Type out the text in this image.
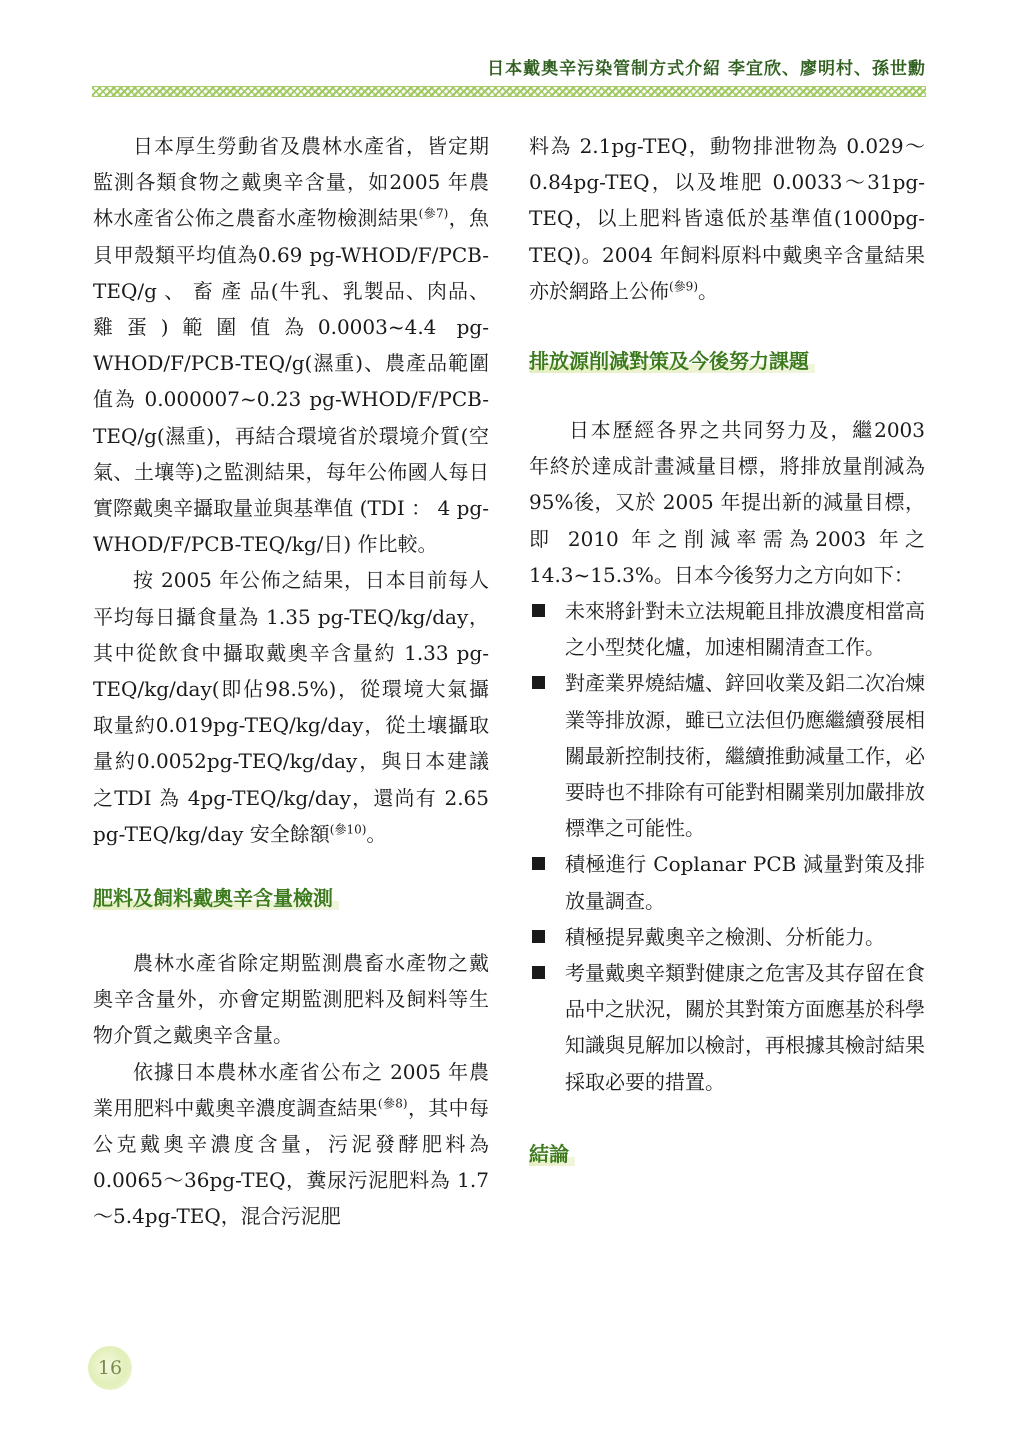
日本戴奧辛污染管制方式介紹 李宜欣、廖明村、孫世勳

日本厚生勞動省及農林水產省，皆定期監測各類食物之戴奧辛含量，如2005 年農林水產省公佈之農畜水產物檢測結果$^{(參7)}$，魚貝甲殼類平均值為0.69 pg-WHOD/F/PCB-TEQ/g 、 畜 產 品(牛乳、乳製品、肉品、雞蛋)範圍值為0.0003~4.4 pg-WHOD/F/PCB-TEQ/g(濕重)、農產品範圍值為 0.000007~0.23 pg-WHOD/F/PCB-TEQ/g(濕重)，再結合環境省於環境介質(空氣、土壤等)之監測結果，每年公佈國人每日實際戴奧辛攝取量並與基準值 (TDI ： 4 pg-WHOD/F/PCB-TEQ/kg/日) 作比較。

按 2005 年公佈之結果，日本目前每人平均每日攝食量為 1.35 pg-TEQ/kg/day，其中從飲食中攝取戴奧辛含量約 1.33 pg-TEQ/kg/day(即佔98.5%)，從環境大氣攝取量約0.019pg-TEQ/kg/day，從土壤攝取量約0.0052pg-TEQ/kg/day，與日本建議之TDI 為 4pg-TEQ/kg/day，還尚有 2.65 pg-TEQ/kg/day 安全餘額$^{(參10)}$。

肥料及飼料戴奧辛含量檢測

農林水產省除定期監測農畜水產物之戴奧辛含量外，亦會定期監測肥料及飼料等生物介質之戴奧辛含量。

依據日本農林水產省公布之 2005 年農業用肥料中戴奧辛濃度調查結果$^{(參8)}$，其中每公克戴奧辛濃度含量，污泥發酵肥料為 0.0065～36pg-TEQ，糞尿污泥肥料為 1.7～5.4pg-TEQ，混合污泥肥

料為 2.1pg-TEQ，動物排泄物為 0.029～0.84pg-TEQ，以及堆肥 0.0033～31pg-TEQ，以上肥料皆遠低於基準值(1000pg-TEQ)。2004 年飼料原料中戴奧辛含量結果亦於網路上公佈$^{(參9)}$。

排放源削減對策及今後努力課題

日本歷經各界之共同努力及，繼2003 年終於達成計畫減量目標，將排放量削減為 95%後，又於 2005 年提出新的減量目標，即 2010 年之削減率需為2003 年之 14.3~15.3%。日本今後努力之方向如下：

未來將針對未立法規範且排放濃度相當高之小型焚化爐，加速相關清查工作。
對產業界燒結爐、鋅回收業及鋁二次冶煉業等排放源，雖已立法但仍應繼續發展相關最新控制技術，繼續推動減量工作，必要時也不排除有可能對相關業別加嚴排放標準之可能性。
積極進行 Coplanar PCB 減量對策及排放量調查。
積極提昇戴奧辛之檢測、分析能力。
考量戴奧辛類對健康之危害及其存留在食品中之狀況，關於其對策方面應基於科學知識與見解加以檢討，再根據其檢討結果採取必要的措置。
結論
16
